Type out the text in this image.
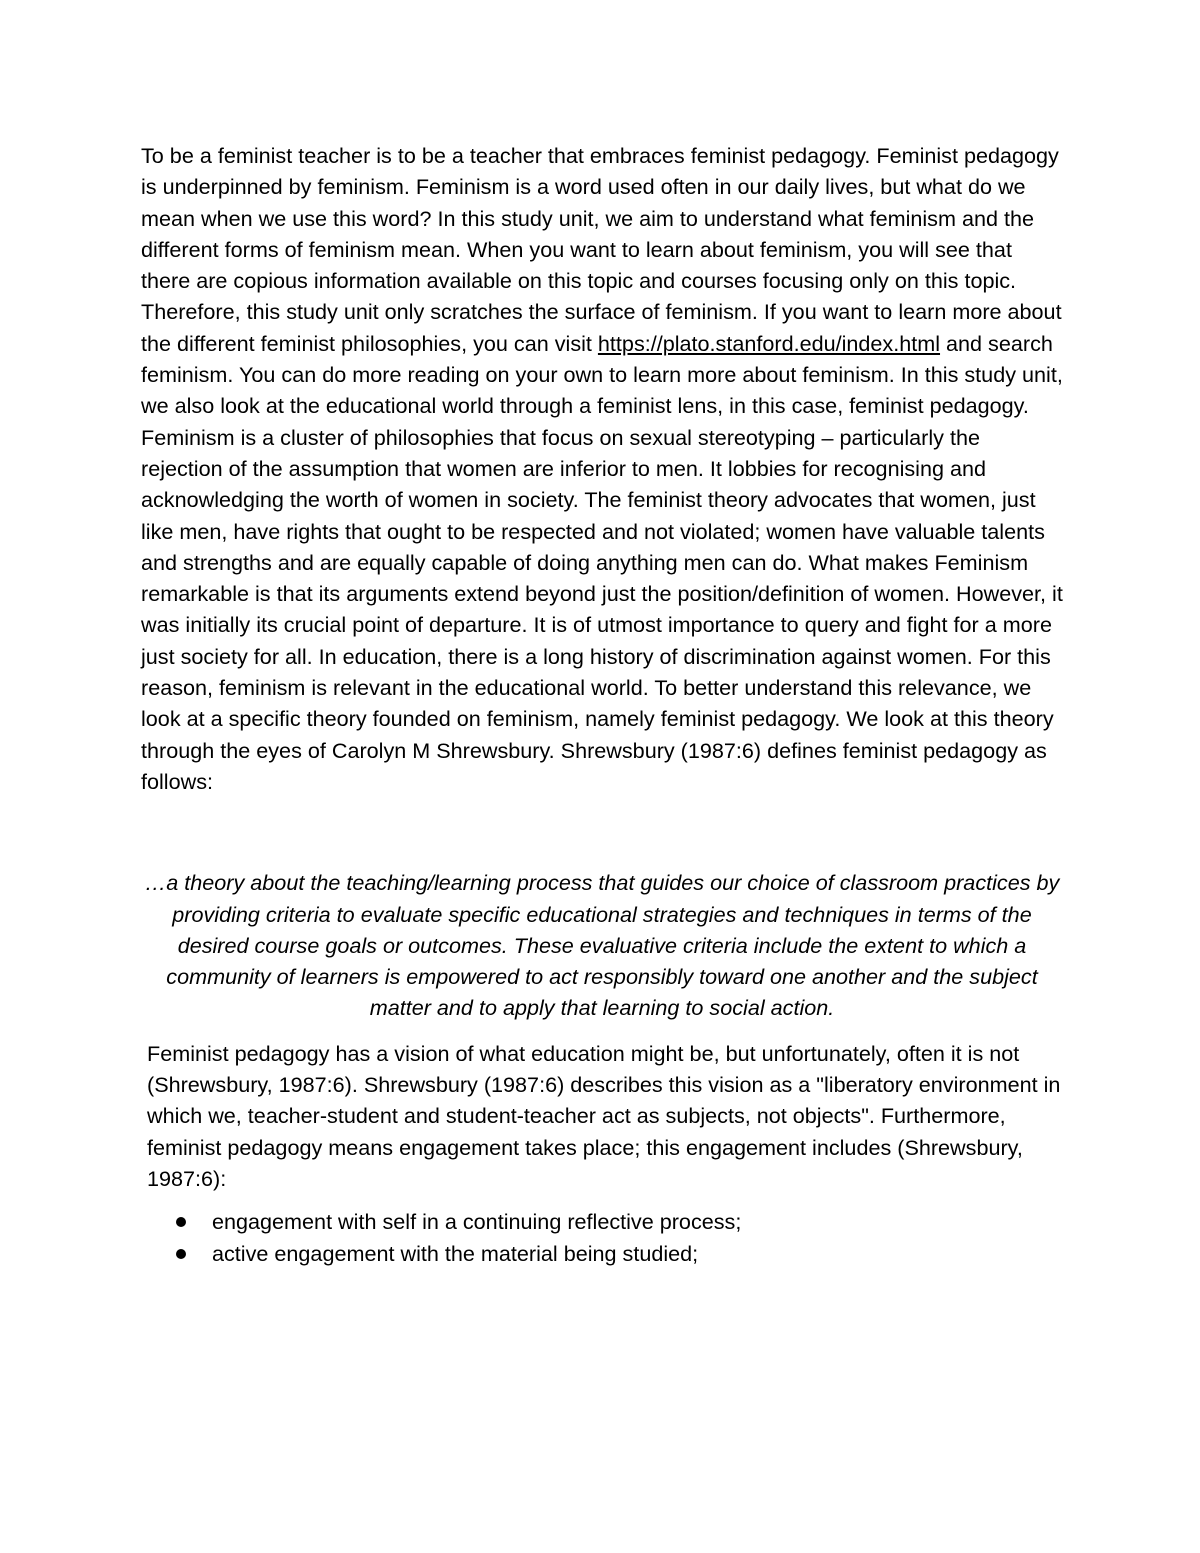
To be a feminist teacher is to be a teacher that embraces feminist pedagogy. Feminist pedagogy is underpinned by feminism. Feminism is a word used often in our daily lives, but what do we mean when we use this word? In this study unit, we aim to understand what feminism and the different forms of feminism mean. When you want to learn about feminism, you will see that there are copious information available on this topic and courses focusing only on this topic. Therefore, this study unit only scratches the surface of feminism. If you want to learn more about the different feminist philosophies, you can visit https://plato.stanford.edu/index.html and search feminism. You can do more reading on your own to learn more about feminism. In this study unit, we also look at the educational world through a feminist lens, in this case, feminist pedagogy. Feminism is a cluster of philosophies that focus on sexual stereotyping – particularly the rejection of the assumption that women are inferior to men. It lobbies for recognising and acknowledging the worth of women in society. The feminist theory advocates that women, just like men, have rights that ought to be respected and not violated; women have valuable talents and strengths and are equally capable of doing anything men can do. What makes Feminism remarkable is that its arguments extend beyond just the position/definition of women. However, it was initially its crucial point of departure. It is of utmost importance to query and fight for a more just society for all. In education, there is a long history of discrimination against women. For this reason, feminism is relevant in the educational world. To better understand this relevance, we look at a specific theory founded on feminism, namely feminist pedagogy. We look at this theory through the eyes of Carolyn M Shrewsbury. Shrewsbury (1987:6) defines feminist pedagogy as follows:

…a theory about the teaching/learning process that guides our choice of classroom practices by providing criteria to evaluate specific educational strategies and techniques in terms of the desired course goals or outcomes. These evaluative criteria include the extent to which a community of learners is empowered to act responsibly toward one another and the subject matter and to apply that learning to social action.

Feminist pedagogy has a vision of what education might be, but unfortunately, often it is not (Shrewsbury, 1987:6). Shrewsbury (1987:6) describes this vision as a "liberatory environment in which we, teacher-student and student-teacher act as subjects, not objects". Furthermore, feminist pedagogy means engagement takes place; this engagement includes (Shrewsbury, 1987:6):

engagement with self in a continuing reflective process;
active engagement with the material being studied;
